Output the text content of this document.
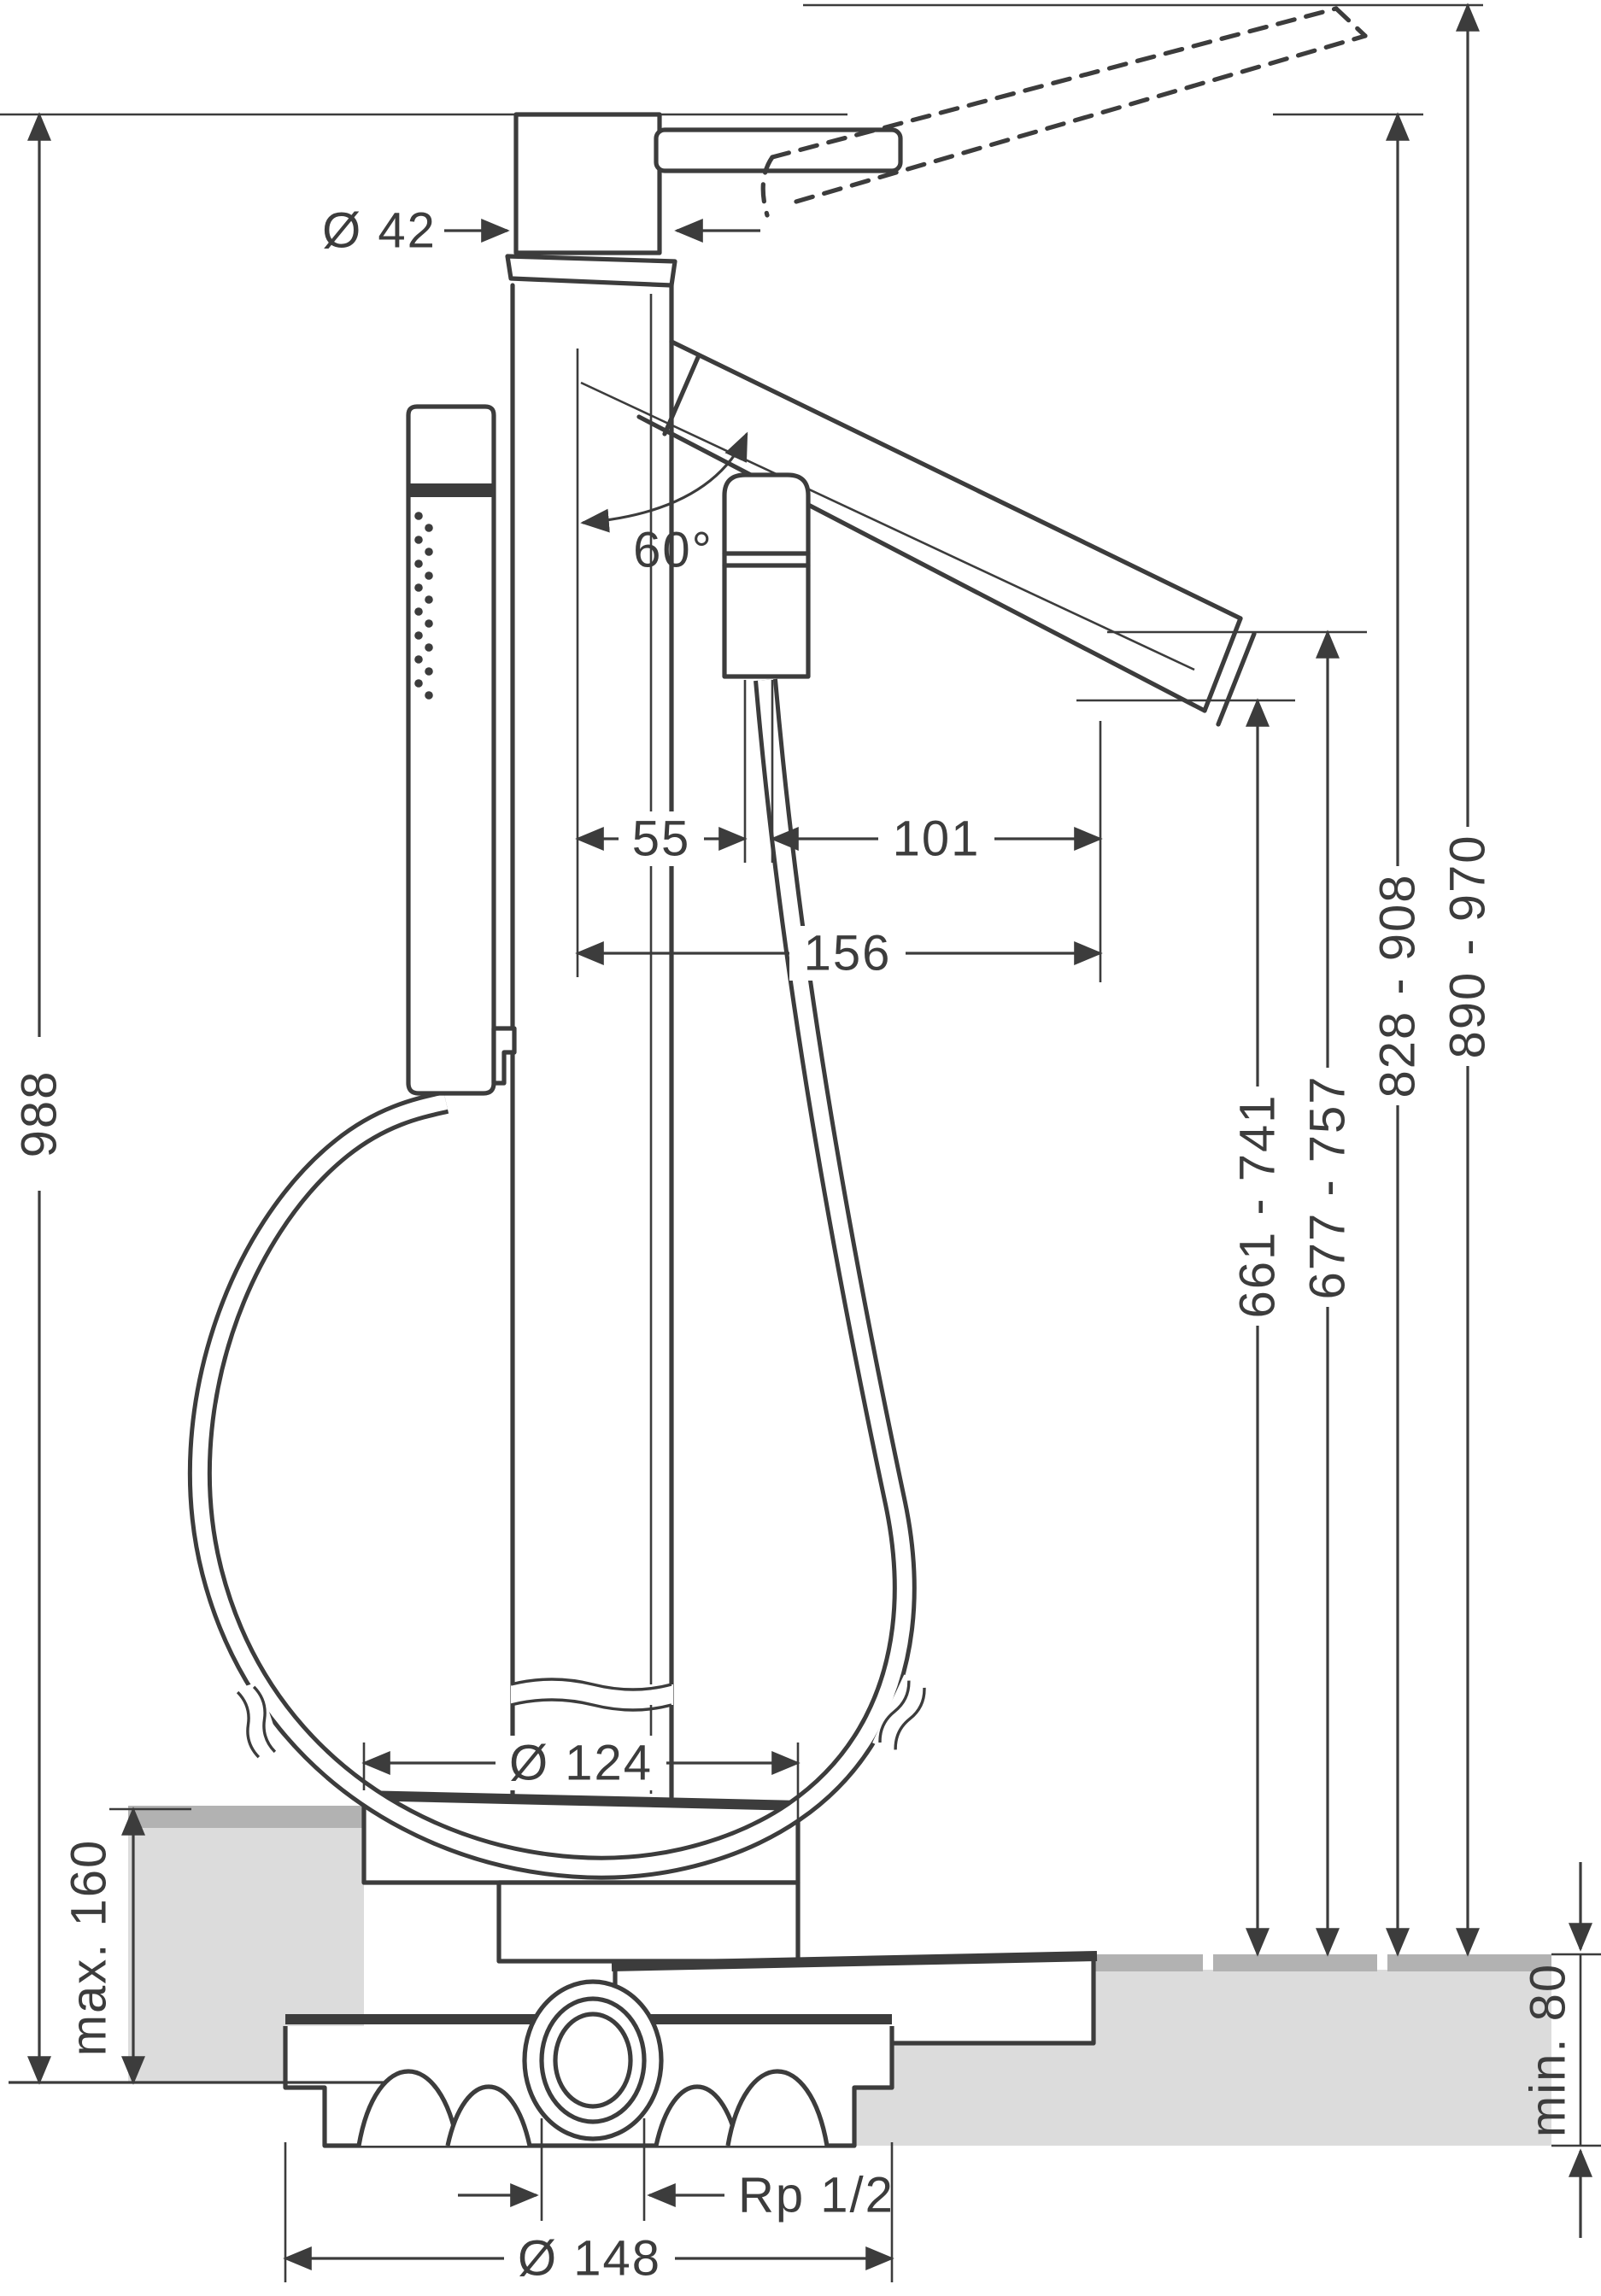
988
max. 160
Ø 42
60°
55	101
156
661 - 741 677 - 757
828 - 908 890 - 970
Ø 124
min. 80
Rp 1/2
Ø 148
